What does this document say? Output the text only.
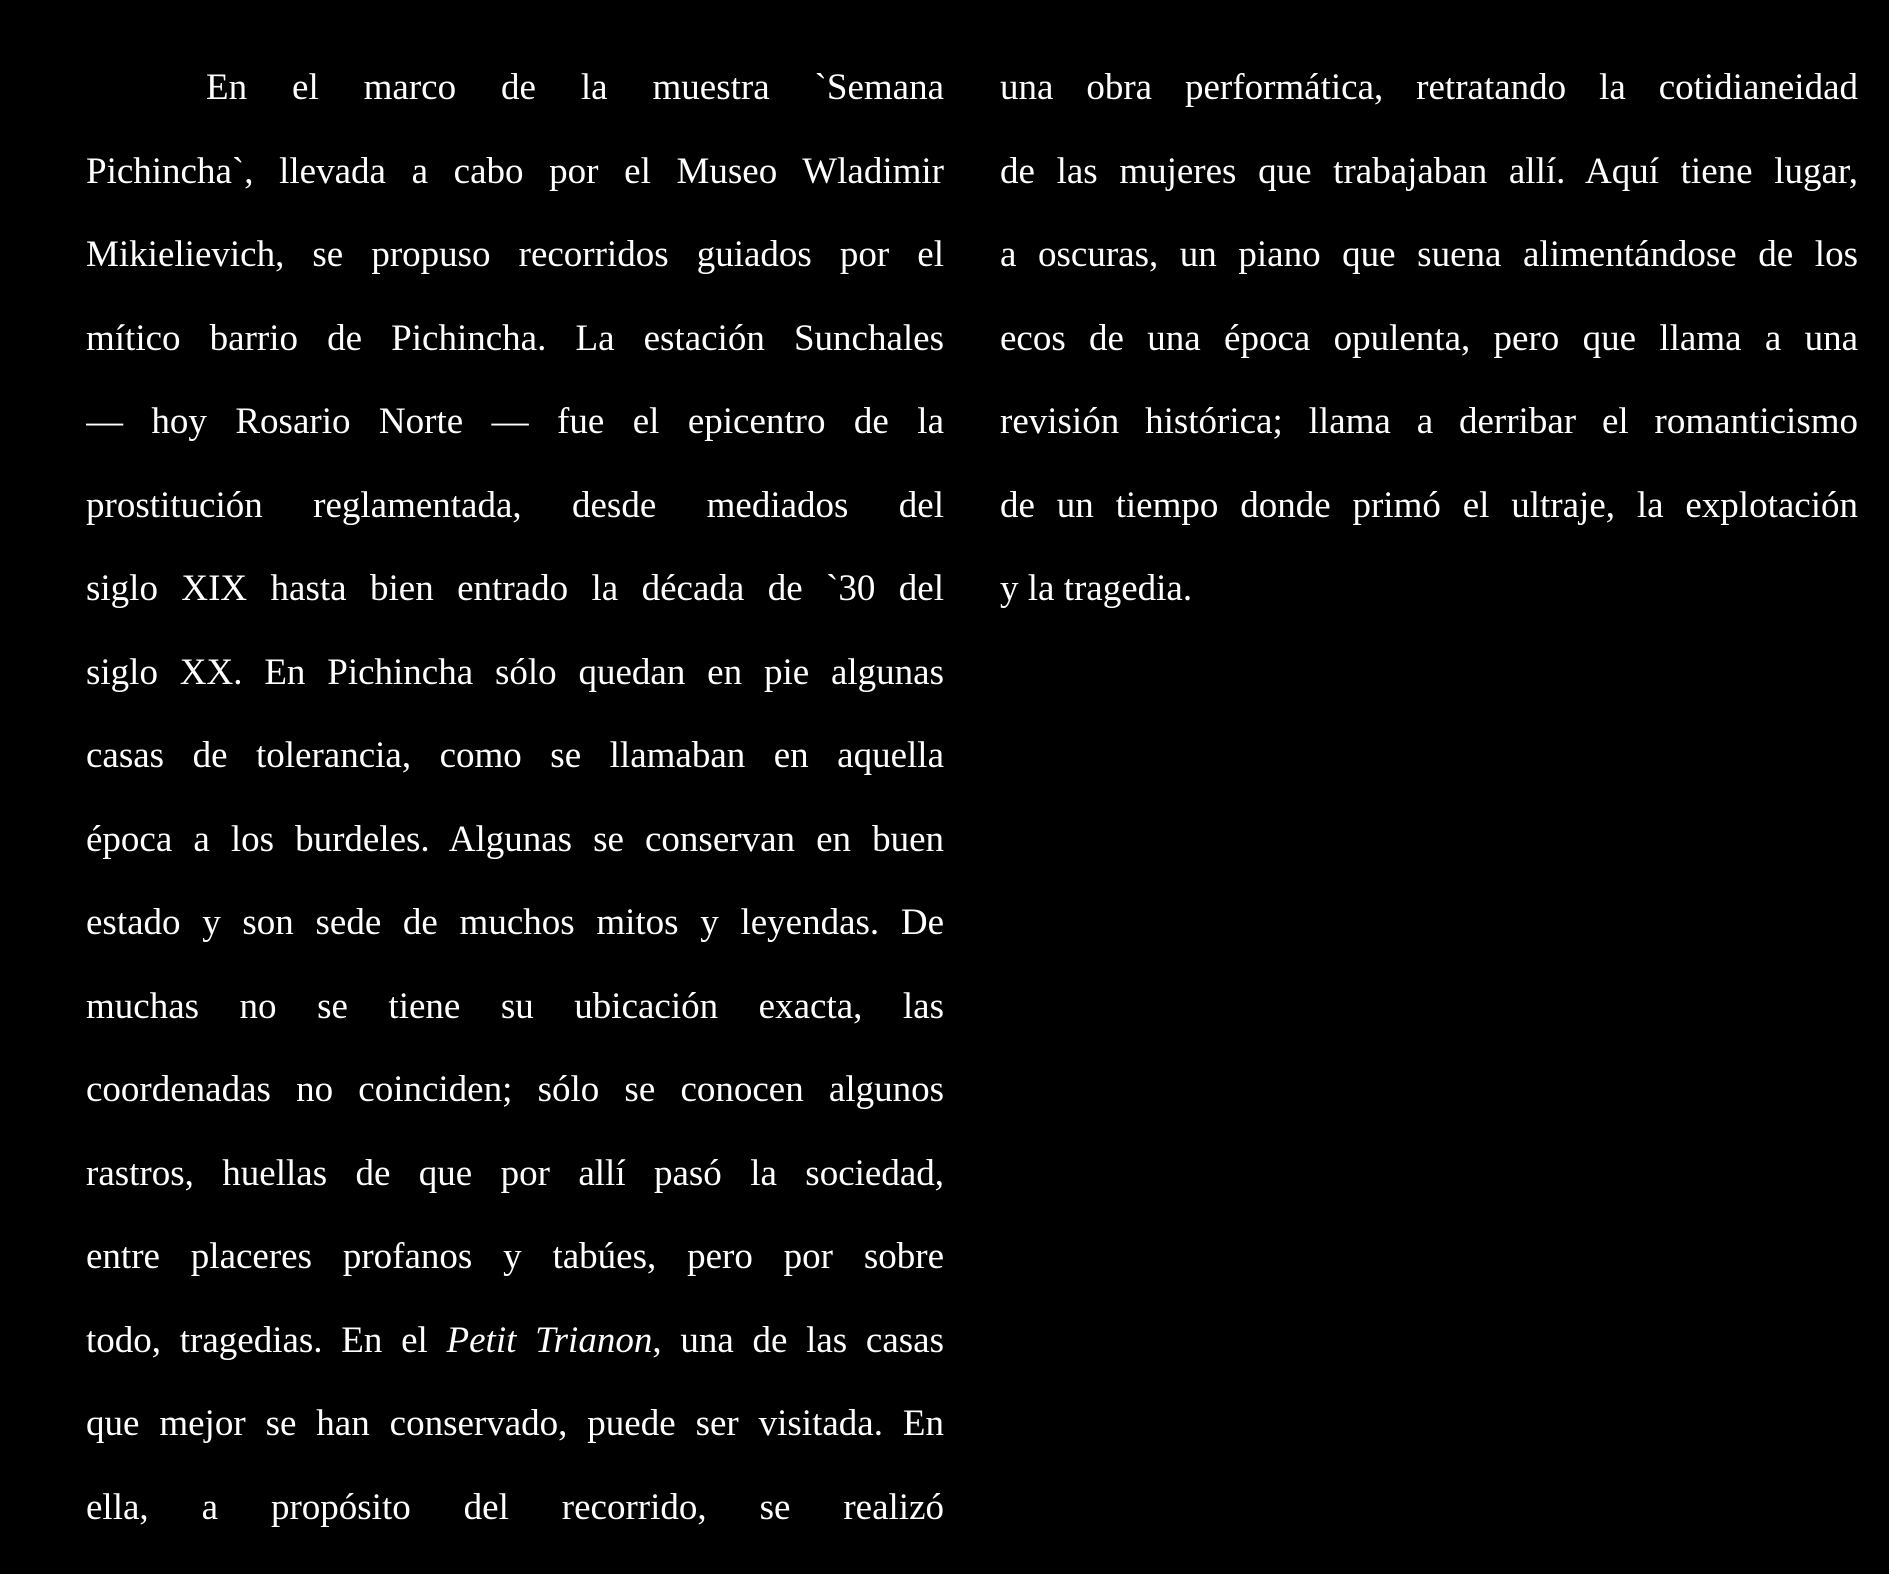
En el marco de la muestra `Semana
Pichincha`, llevada a cabo por el Museo Wladimir
Mikielievich, se propuso recorridos guiados por el
mítico barrio de Pichincha. La estación Sunchales
— hoy Rosario Norte — fue el epicentro de la
prostitución reglamentada, desde mediados del
siglo XIX hasta bien entrado la década de `30 del
siglo XX. En Pichincha sólo quedan en pie algunas
casas de tolerancia, como se llamaban en aquella
época a los burdeles. Algunas se conservan en buen
estado y son sede de muchos mitos y leyendas. De
muchas no se tiene su ubicación exacta, las
coordenadas no coinciden; sólo se conocen algunos
rastros, huellas de que por allí pasó la sociedad,
entre placeres profanos y tabúes, pero por sobre
todo, tragedias. En el Petit Trianon, una de las casas
que mejor se han conservado, puede ser visitada. En
ella, a propósito del recorrido, se realizó
una obra performática, retratando la cotidianeidad
de las mujeres que trabajaban allí. Aquí tiene lugar,
a oscuras, un piano que suena alimentándose de los
ecos de una época opulenta, pero que llama a una
revisión histórica; llama a derribar el romanticismo
de un tiempo donde primó el ultraje, la explotación
y la tragedia.
